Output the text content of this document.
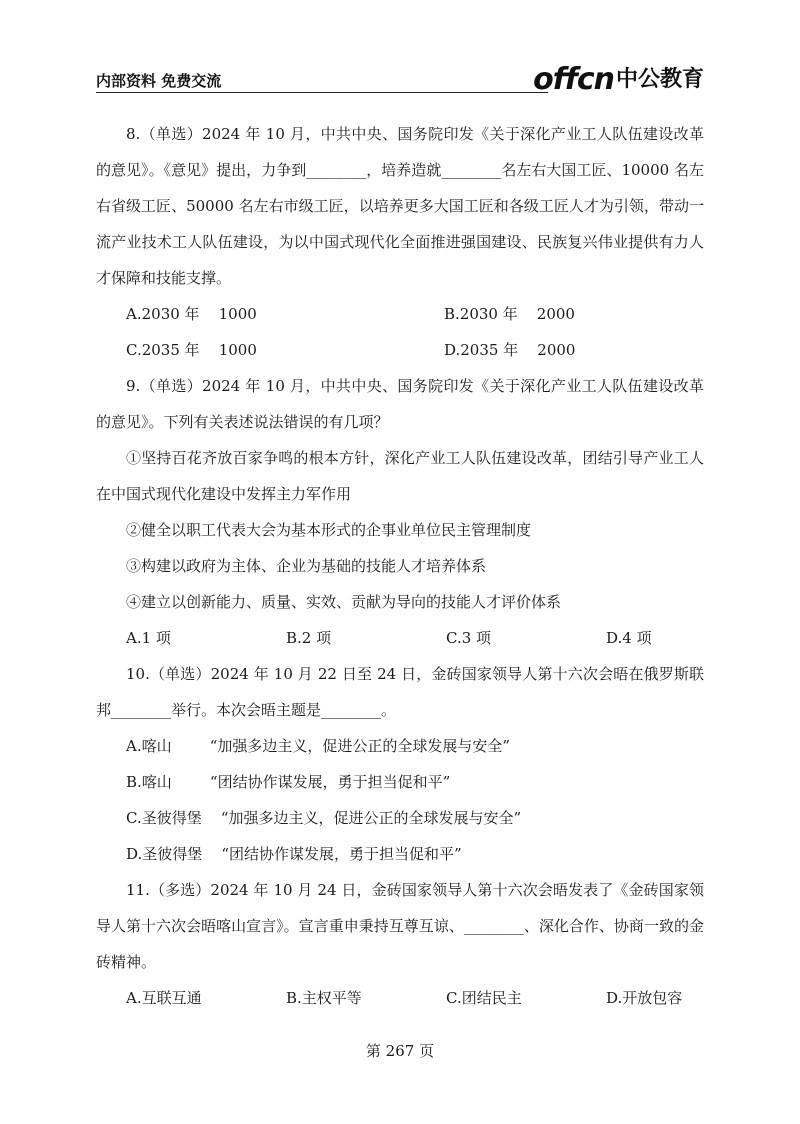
内部资料 免费交流	offcn中公教育

8.（单选）2024 年 10 月，中共中央、国务院印发《关于深化产业工人队伍建设改革的意见》。《意见》提出，力争到________，培养造就________名左右大国工匠、10000 名左右省级工匠、50000 名左右市级工匠，以培养更多大国工匠和各级工匠人才为引领，带动一流产业技术工人队伍建设，为以中国式现代化全面推进强国建设、民族复兴伟业提供有力人才保障和技能支撑。

A.2030 年    1000	B.2030 年    2000
C.2035 年    1000	D.2035 年    2000

9.（单选）2024 年 10 月，中共中央、国务院印发《关于深化产业工人队伍建设改革的意见》。下列有关表述说法错误的有几项？

①坚持百花齐放百家争鸣的根本方针，深化产业工人队伍建设改革，团结引导产业工人在中国式现代化建设中发挥主力军作用

②健全以职工代表大会为基本形式的企事业单位民主管理制度

③构建以政府为主体、企业为基础的技能人才培养体系

④建立以创新能力、质量、实效、贡献为导向的技能人才评价体系

A.1 项	B.2 项	C.3 项	D.4 项

10.（单选）2024 年 10 月 22 日至 24 日，金砖国家领导人第十六次会晤在俄罗斯联邦________举行。本次会晤主题是________。

A.喀山        “加强多边主义，促进公正的全球发展与安全”
B.喀山        “团结协作谋发展，勇于担当促和平”
C.圣彼得堡    “加强多边主义，促进公正的全球发展与安全”
D.圣彼得堡    “团结协作谋发展，勇于担当促和平”

11.（多选）2024 年 10 月 24 日，金砖国家领导人第十六次会晤发表了《金砖国家领导人第十六次会晤喀山宣言》。宣言重申秉持互尊互谅、________、深化合作、协商一致的金砖精神。

A.互联互通	B.主权平等	C.团结民主	D.开放包容
第 267 页
